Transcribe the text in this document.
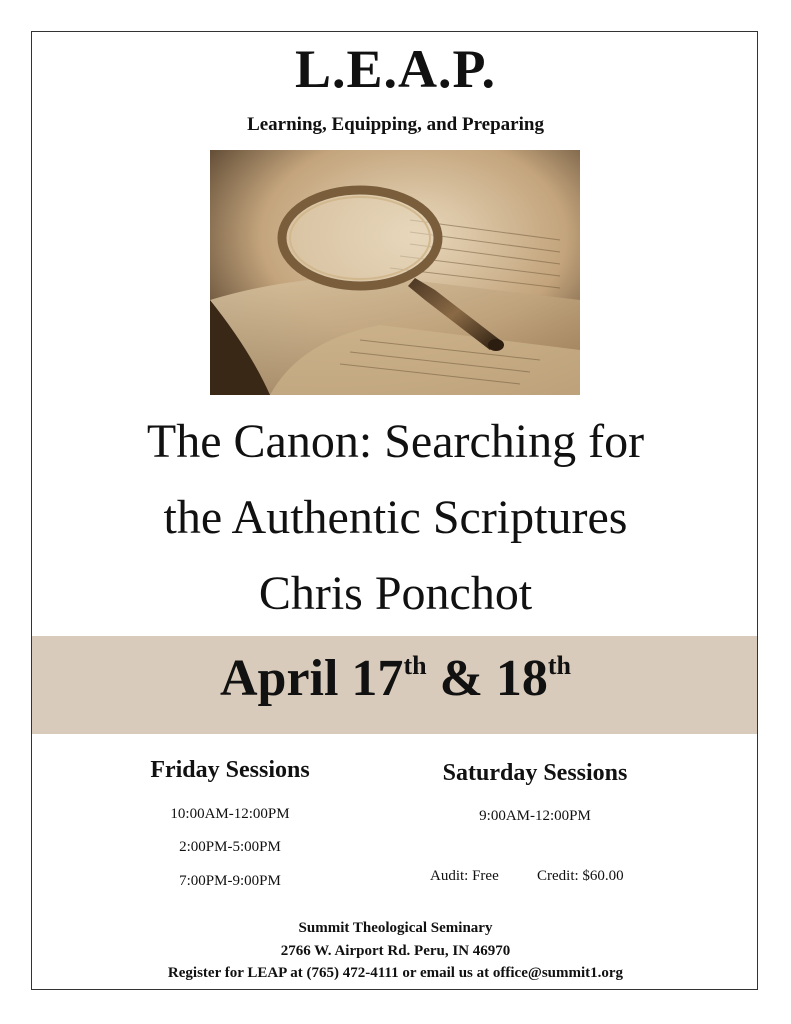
L.E.A.P.
Learning, Equipping, and Preparing
The Canon: Searching for
the Authentic Scriptures
Chris Ponchot
April 17th & 18th
Friday Sessions
10:00AM-12:00PM
2:00PM-5:00PM
7:00PM-9:00PM
Saturday Sessions
9:00AM-12:00PM
Audit: Free	Credit: $60.00
Summit Theological Seminary
2766 W. Airport Rd. Peru, IN 46970
Register for LEAP at (765) 472-4111 or email us at office@summit1.org
